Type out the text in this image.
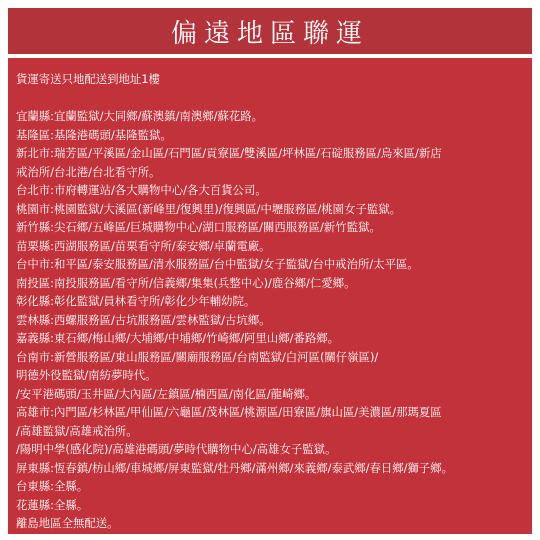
偏遠地區聯運

貨運寄送只地配送到地址1樓

宜蘭縣:宜蘭監獄/大同鄉/蘇澳鎮/南澳鄉/蘇花路。

基隆區:基隆港碼頭/基隆監獄。

新北市:瑞芳區/平溪區/金山區/石門區/貢寮區/雙溪區/坪林區/石碇服務區/烏來區/新店

戒治所/台北港/台北看守所。

台北市:市府轉運站/各大購物中心/各大百貨公司。

桃園市:桃園監獄/大溪區(新峰里/復興里)/復興區/中壢服務區/桃園女子監獄。

新竹縣:尖石鄉/五峰區/巨城購物中心/湖口服務區/關西服務區/新竹監獄。

苗栗縣:西湖服務區/苗栗看守所/泰安鄉/卓蘭電廠。

台中市:和平區/泰安服務區/清水服務區/台中監獄/女子監獄/台中戒治所/太平區。

南投區:南投服務區/看守所/信義鄉/集集(兵整中心)/鹿谷鄉/仁愛鄉。

彰化縣:彰化監獄/員林看守所/彰化少年輔幼院。

雲林縣:西螺服務區/古坑服務區/雲林監獄/古坑鄉。

嘉義縣:東石鄉/梅山鄉/大埔鄉/中埔鄉/竹崎鄉/阿里山鄉/番路鄉。

台南市:新營服務區/東山服務區/關廟服務區/台南監獄/白河區(關仔嶺區)/

明德外役監獄/南紡夢時代。

/安平港碼頭/玉井區/大內區/左鎮區/楠西區/南化區/龍崎鄉。

高雄市:內門區/杉林區/甲仙區/六龜區/茂林區/桃源區/田寮區/旗山區/美濃區/那瑪夏區

/高雄監獄/高雄戒治所。

/陽明中學(感化院)/高雄港碼頭/夢時代購物中心/高雄女子監獄。

屏東縣:恆春鎮/枋山鄉/車城鄉/屏東監獄/牡丹鄉/滿州鄉/來義鄉/泰武鄉/春日鄉/獅子鄉。

台東縣:全縣。

花蓮縣:全縣。

離島地區全無配送。
